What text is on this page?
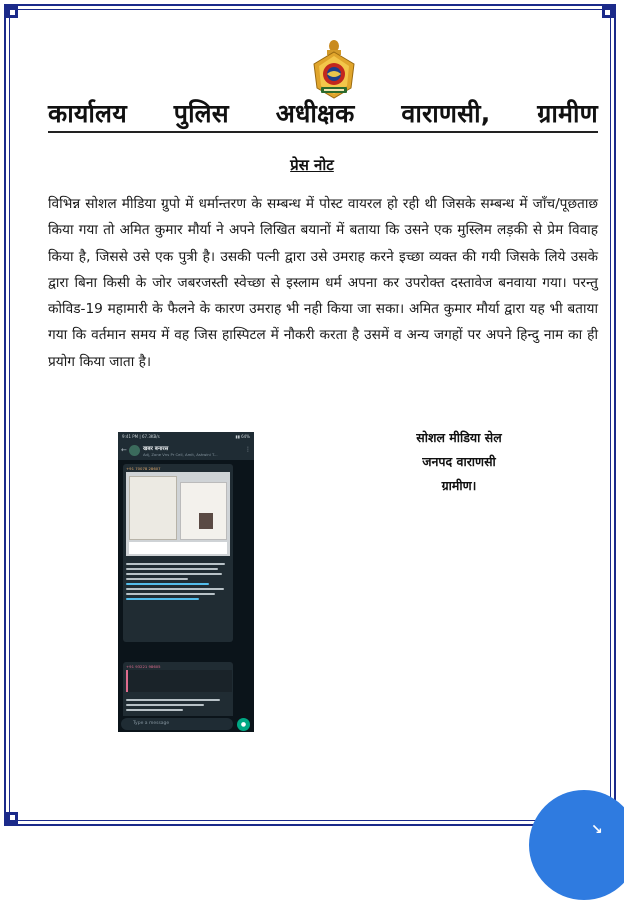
कार्यालय पुलिस अधीक्षक वाराणसी, ग्रामीण
प्रेस नोट
विभिन्न सोशल मीडिया ग्रुपो में धर्मान्तरण के सम्बन्ध में पोस्ट वायरल हो रही थी जिसके सम्बन्ध में जाँच/पूछताछ किया गया तो अमित कुमार मौर्या ने अपने लिखित बयानों में बताया कि उसने एक मुस्लिम लड़की से प्रेम विवाह किया है, जिससे उसे एक पुत्री है। उसकी पत्नी द्वारा उसे उमराह करने इच्छा व्यक्त की गयी जिसके लिये उसके द्वारा बिना किसी के जोर जबरजस्ती स्वेच्छा से इस्लाम धर्म अपना कर उपरोक्त दस्तावेज बनवाया गया। परन्तु कोविड-19 महामारी के फैलने के कारण उमराह भी नही किया जा सका। अमित कुमार मौर्या द्वारा यह भी बताया गया कि वर्तमान समय में वह जिस हास्पिटल में नौकरी करता है उसमें व अन्य जगहों पर अपने हिन्दु नाम का ही प्रयोग किया जाता है।
सोशल मीडिया सेल
जनपद वाराणसी
ग्रामीण।
9:41 PM | 67.3KB/s	▮▮ 64%
←	खबर बनारस
Adj, Zone Vns Pr Cell, Amit, Ashwini T...
⋮
+91 70078 28607
+91 93221 98605
Type a message	●
↘
